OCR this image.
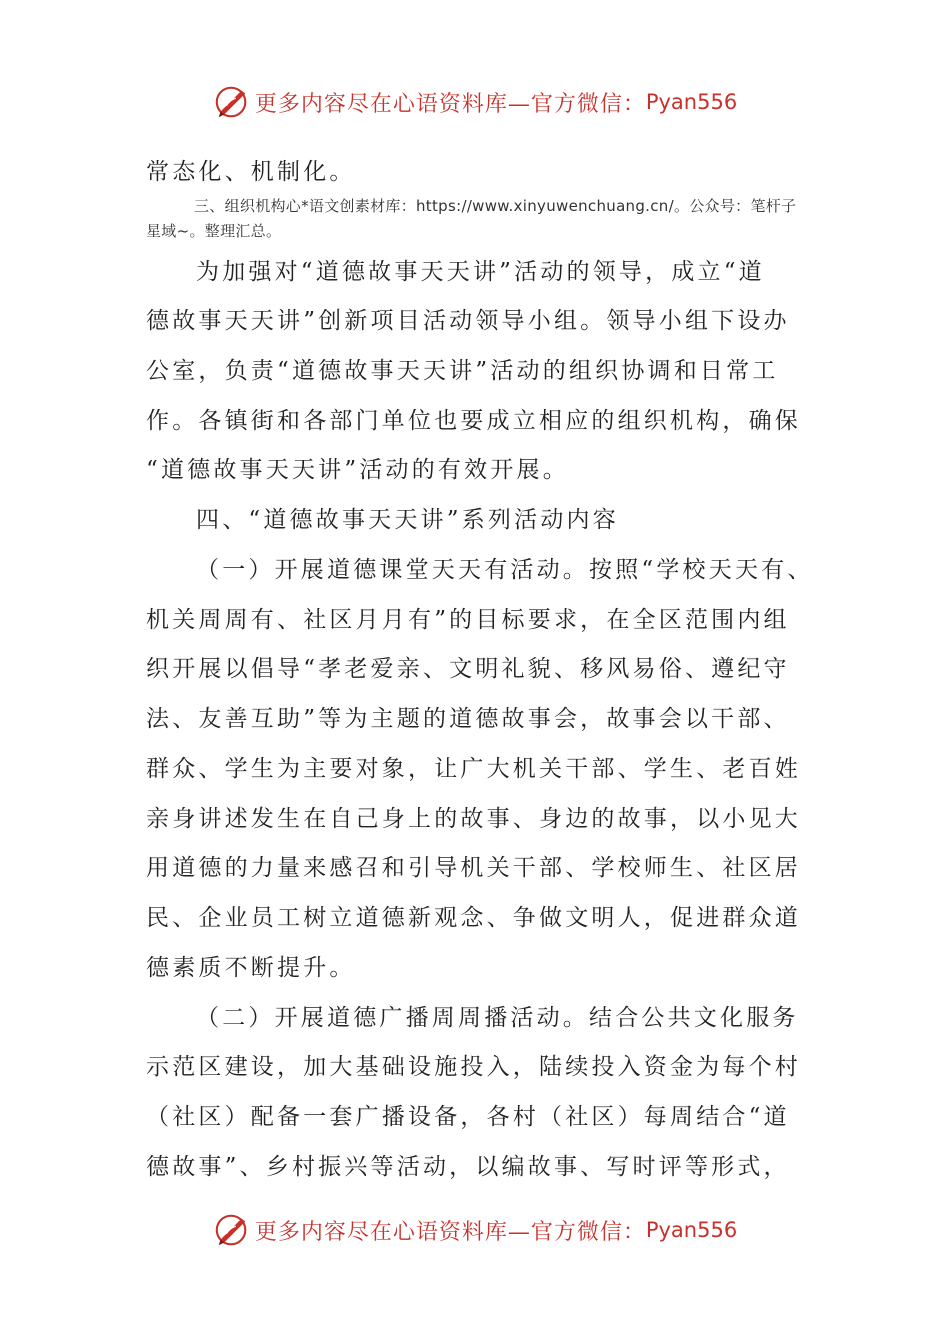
更多内容尽在心语资料库—官方微信： Pyan556

常态化、机制化。

三、组织机构心*语文创素材库：https://www.xinyuwenchuang.cn/。公众号：笔杆子

星域~。整理汇总。

为加强对“道德故事天天讲”活动的领导，成立“道

德故事天天讲”创新项目活动领导小组。领导小组下设办

公室，负责“道德故事天天讲”活动的组织协调和日常工

作。各镇街和各部门单位也要成立相应的组织机构，确保

“道德故事天天讲”活动的有效开展。

四、“道德故事天天讲”系列活动内容

（一）开展道德课堂天天有活动。按照“学校天天有、

机关周周有、社区月月有”的目标要求，在全区范围内组

织开展以倡导“孝老爱亲、文明礼貌、移风易俗、遵纪守

法、友善互助”等为主题的道德故事会，故事会以干部、

群众、学生为主要对象，让广大机关干部、学生、老百姓

亲身讲述发生在自己身上的故事、身边的故事，以小见大

用道德的力量来感召和引导机关干部、学校师生、社区居

民、企业员工树立道德新观念、争做文明人，促进群众道

德素质不断提升。

（二）开展道德广播周周播活动。结合公共文化服务

示范区建设，加大基础设施投入，陆续投入资金为每个村

（社区）配备一套广播设备，各村（社区）每周结合“道

德故事”、乡村振兴等活动，以编故事、写时评等形式，

更多内容尽在心语资料库—官方微信： Pyan556
